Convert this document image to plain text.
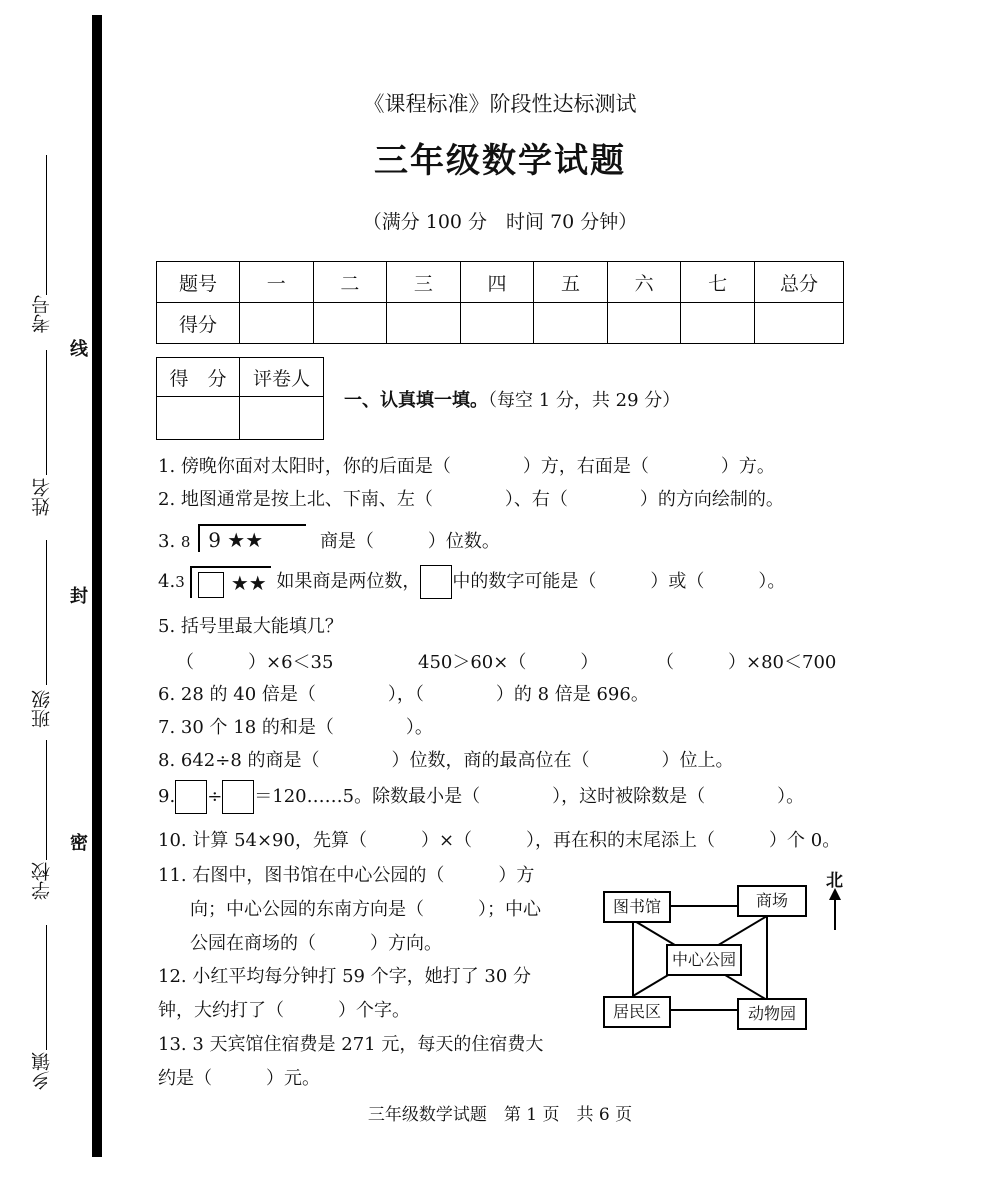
考号
姓名
班级
学校
乡镇
线
封
密
《课程标准》阶段性达标测试
三年级数学试题
（满分 100 分　时间 70 分钟）
题号	一	二	三	四	五	六	七	总分
得分								
得　分	评卷人

一、认真填一填。（每空 1 分，共 29 分）
1. 傍晚你面对太阳时，你的后面是（　　　　）方，右面是（　　　　）方。
2. 地图通常是按上北、下南、左（　　　　）、右（　　　　）的方向绘制的。
3. 8 9 ★★	商是（　　　）位数。
4.3 ★★ 如果商是两位数， 中的数字可能是（　　　）或（　　　）。
5. 括号里最大能填几？
（　　　）×6＜35	450＞60×（　　　）	（　　　）×80＜700
6. 28 的 40 倍是（　　　　），（　　　　）的 8 倍是 696。
7. 30 个 18 的和是（　　　　）。
8. 642÷8 的商是（　　　　）位数，商的最高位在（　　　　）位上。
9. ÷ ＝120……5。除数最小是（　　　　），这时被除数是（　　　　）。
10. 计算 54×90，先算（　　　）×（　　　），再在积的末尾添上（　　　）个 0。
11. 右图中，图书馆在中心公园的（　　　）方
向；中心公园的东南方向是（　　　）；中心
公园在商场的（　　　）方向。
12. 小红平均每分钟打 59 个字，她打了 30 分
钟，大约打了（　　　）个字。
13. 3 天宾馆住宿费是 271 元，每天的住宿费大
约是（　　　）元。
北
图书馆	商场
中心公园
居民区	动物园
三年级数学试题　第 1 页　共 6 页
